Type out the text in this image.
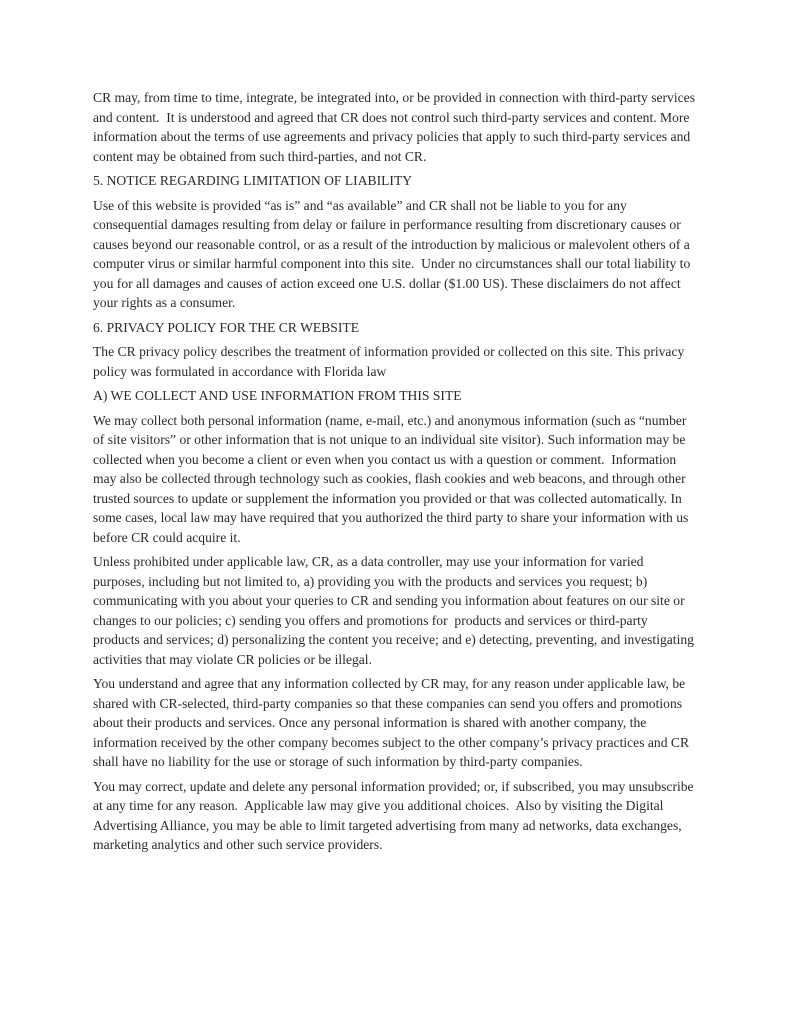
CR may, from time to time, integrate, be integrated into, or be provided in connection with third-party services and content.  It is understood and agreed that CR does not control such third-party services and content. More information about the terms of use agreements and privacy policies that apply to such third-party services and content may be obtained from such third-parties, and not CR.

5. NOTICE REGARDING LIMITATION OF LIABILITY

Use of this website is provided “as is” and “as available” and CR shall not be liable to you for any consequential damages resulting from delay or failure in performance resulting from discretionary causes or causes beyond our reasonable control, or as a result of the introduction by malicious or malevolent others of a computer virus or similar harmful component into this site.  Under no circumstances shall our total liability to you for all damages and causes of action exceed one U.S. dollar ($1.00 US). These disclaimers do not affect your rights as a consumer.

6. PRIVACY POLICY FOR THE CR WEBSITE

The CR privacy policy describes the treatment of information provided or collected on this site. This privacy policy was formulated in accordance with Florida law

A) WE COLLECT AND USE INFORMATION FROM THIS SITE

We may collect both personal information (name, e-mail, etc.) and anonymous information (such as “number of site visitors” or other information that is not unique to an individual site visitor). Such information may be collected when you become a client or even when you contact us with a question or comment.  Information may also be collected through technology such as cookies, flash cookies and web beacons, and through other trusted sources to update or supplement the information you provided or that was collected automatically. In some cases, local law may have required that you authorized the third party to share your information with us before CR could acquire it.

Unless prohibited under applicable law, CR, as a data controller, may use your information for varied purposes, including but not limited to, a) providing you with the products and services you request; b) communicating with you about your queries to CR and sending you information about features on our site or changes to our policies; c) sending you offers and promotions for  products and services or third-party products and services; d) personalizing the content you receive; and e) detecting, preventing, and investigating activities that may violate CR policies or be illegal.

You understand and agree that any information collected by CR may, for any reason under applicable law, be shared with CR-selected, third-party companies so that these companies can send you offers and promotions about their products and services. Once any personal information is shared with another company, the information received by the other company becomes subject to the other company’s privacy practices and CR shall have no liability for the use or storage of such information by third-party companies.

You may correct, update and delete any personal information provided; or, if subscribed, you may unsubscribe at any time for any reason.  Applicable law may give you additional choices.  Also by visiting the Digital Advertising Alliance, you may be able to limit targeted advertising from many ad networks, data exchanges, marketing analytics and other such service providers.
